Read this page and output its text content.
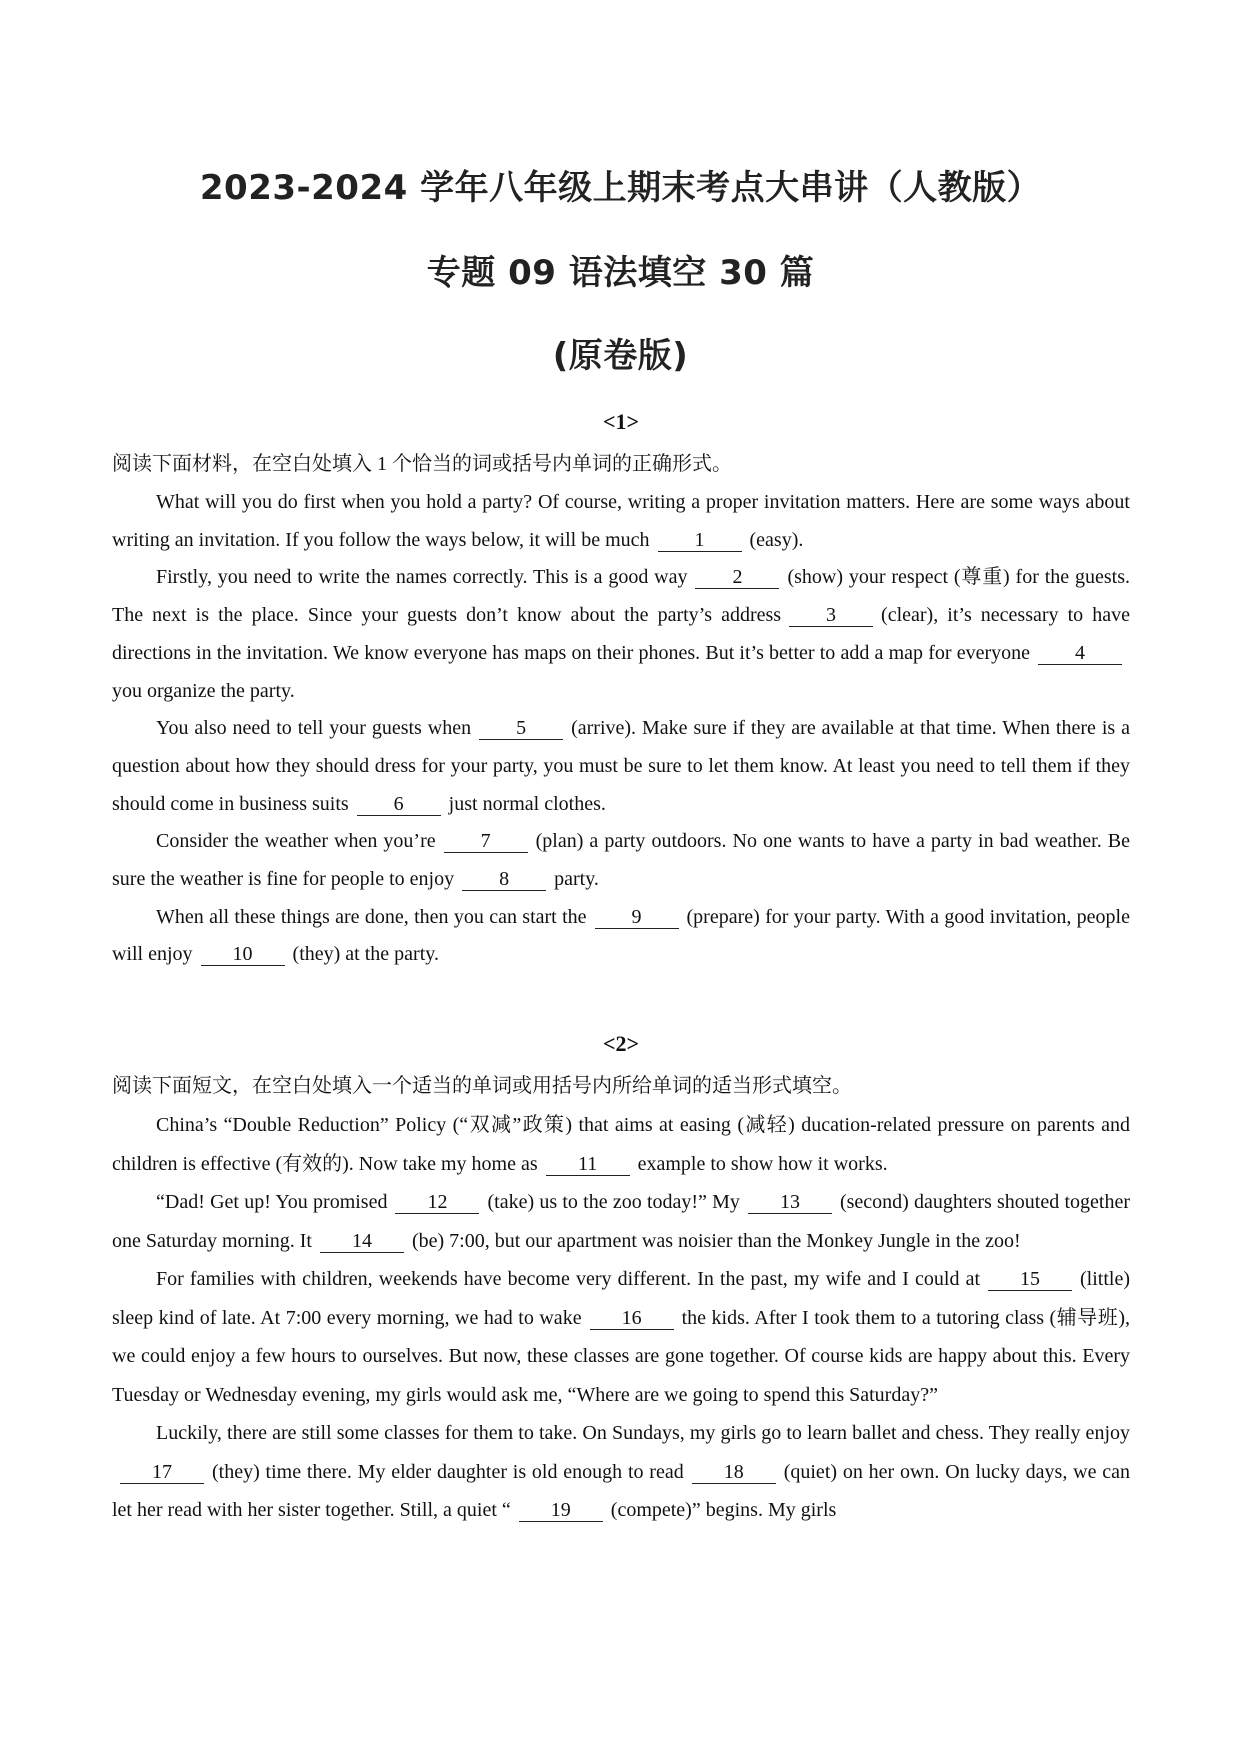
2023-2024 学年八年级上期末考点大串讲（人教版）
专题 09 语法填空 30 篇
(原卷版)
<1>
阅读下面材料，在空白处填入 1 个恰当的词或括号内单词的正确形式。

What will you do first when you hold a party? Of course, writing a proper invitation matters. Here are some ways about writing an invitation. If you follow the ways below, it will be much 1 (easy).

Firstly, you need to write the names correctly. This is a good way 2 (show) your respect (尊重) for the guests. The next is the place. Since your guests don’t know about the party’s address 3 (clear), it’s necessary to have directions in the invitation. We know everyone has maps on their phones. But it’s better to add a map for everyone 4you organize the party.

You also need to tell your guests when 5 (arrive). Make sure if they are available at that time. When there is a question about how they should dress for your party, you must be sure to let them know. At least you need to tell them if they should come in business suits 6 just normal clothes.

Consider the weather when you’re 7 (plan) a party outdoors. No one wants to have a party in bad weather. Be sure the weather is fine for people to enjoy 8 party.

When all these things are done, then you can start the 9 (prepare) for your party. With a good invitation, people will enjoy 10 (they) at the party.

<2>
阅读下面短文，在空白处填入一个适当的单词或用括号内所给单词的适当形式填空。

China’s “Double Reduction” Policy (“双减”政策) that aims at easing (减轻) ducation-related pressure on parents and children is effective (有效的). Now take my home as 11 example to show how it works.

“Dad! Get up! You promised 12 (take) us to the zoo today!” My 13 (second) daughters shouted together one Saturday morning. It 14 (be) 7:00, but our apartment was noisier than the Monkey Jungle in the zoo!

For families with children, weekends have become very different. In the past, my wife and I could at 15 (little) sleep kind of late. At 7:00 every morning, we had to wake 16 the kids. After I took them to a tutoring class (辅导班), we could enjoy a few hours to ourselves. But now, these classes are gone together. Of course kids are happy about this. Every Tuesday or Wednesday evening, my girls would ask me, “Where are we going to spend this Saturday?”

Luckily, there are still some classes for them to take. On Sundays, my girls go to learn ballet and chess. They really enjoy17 (they) time there. My elder daughter is old enough to read 18 (quiet) on her own. On lucky days, we can let her read with her sister together. Still, a quiet “ 19 (compete)” begins. My girls
